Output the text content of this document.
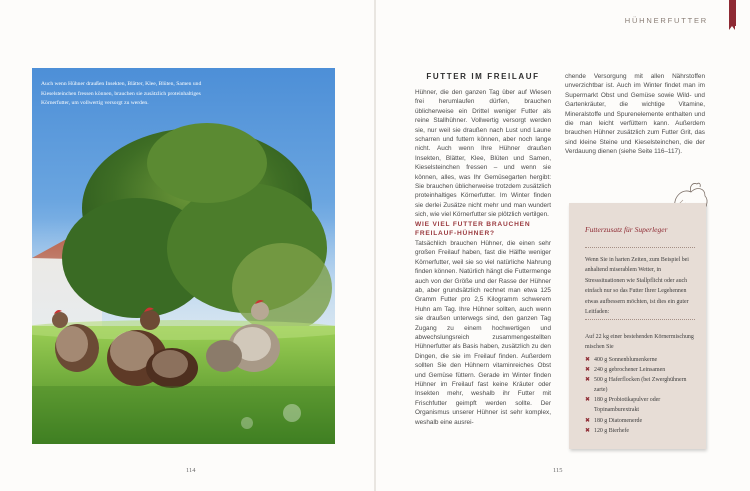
Auch wenn Hühner draußen Insekten, Blätter, Klee, Blüten, Samen und Kieselsteinchen fressen können, brauchen sie zusätzlich proteinhaltiges Körnerfutter, um vollwertig versorgt zu werden.
114
HÜHNERFUTTER
FUTTER IM FREILAUF

Hühner, die den ganzen Tag über auf Wiesen frei herumlaufen dürfen, brauchen üblicherweise ein Drittel weniger Futter als reine Stallhühner. Vollwertig versorgt werden sie, nur weil sie draußen nach Lust und Laune scharren und futtern können, aber noch lange nicht. Auch wenn Ihre Hühner draußen Insekten, Blätter, Klee, Blüten und Samen, Kieselsteinchen fressen – und wenn sie können, alles, was Ihr Gemüsegarten hergibt: Sie brauchen üblicherweise trotzdem zusätzlich proteinhaltiges Körnerfutter. Im Winter finden sie derlei Zusätze nicht mehr und man wundert sich, wie viel Körnerfutter sie plötzlich vertilgen.

WIE VIEL FUTTER BRAUCHEN FREILAUF-HÜHNER?

Tatsächlich brauchen Hühner, die einen sehr großen Freilauf haben, fast die Hälfte weniger Körnerfutter, weil sie so viel natürliche Nahrung finden können. Natürlich hängt die Futtermenge auch von der Größe und der Rasse der Hühner ab, aber grundsätzlich rechnet man etwa 125 Gramm Futter pro 2,5 Kilogramm schwerem Huhn am Tag. Ihre Hühner sollten, auch wenn sie draußen unterwegs sind, den ganzen Tag Zugang zu einem hochwertigen und abwechslungsreich zusammengestellten Hühnerfutter als Basis haben, zusätzlich zu den Dingen, die sie im Freilauf finden. Außerdem sollten Sie den Hühnern vitaminreiches Obst und Gemüse füttern. Gerade im Winter finden Hühner im Freilauf fast keine Kräuter oder Insekten mehr, weshalb ihr Futter mit Frischfutter geimpft werden sollte. Der Organismus unserer Hühner ist sehr komplex, weshalb eine ausrei-

chende Versorgung mit allen Nährstoffen unverzichtbar ist. Auch im Winter findet man im Supermarkt Obst und Gemüse sowie Wild- und Gartenkräuter, die wichtige Vitamine, Mineralstoffe und Spurenelemente enthalten und die man leicht verfüttern kann. Außerdem brauchen Hühner zusätzlich zum Futter Grit, das sind kleine Steine und Kieselsteinchen, die der Verdauung dienen (siehe Seite 116–117).

Futterzusatz für Superleger

Wenn Sie in harten Zeiten, zum Beispiel bei anhaltend miserablem Wetter, in Stresssituationen wie Stallpflicht oder auch einfach nur so das Futter Ihrer Legehennen etwas aufbessern möchten, ist dies ein guter Leitfaden:

Auf 22 kg einer bestehenden Körnermischung mischen Sie
✖ 400 g Sonnenblumenkerne
✖ 240 g gebrochener Leinsamen
✖ 500 g Haferflocken (bei Zwerghühnern zarte)
✖ 180 g Probiotikapulver oder Topinamburextrakt
✖ 180 g Diatomenerde
✖ 120 g Bierhefe
115
